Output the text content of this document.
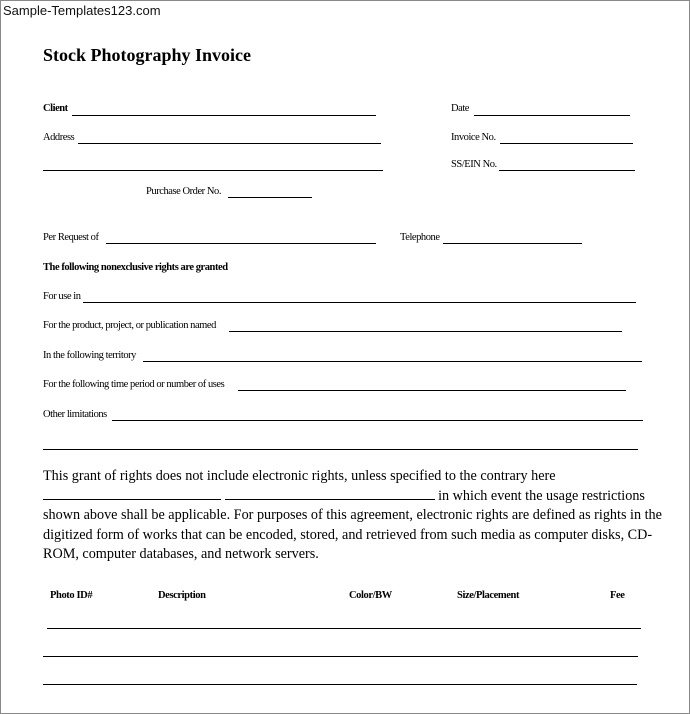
Sample-Templates123.com
Stock Photography Invoice
Client	Date
Address	Invoice No.
SS/EIN No.
Purchase Order No.
Per Request of	Telephone
The following nonexclusive rights are granted
For use in
For the product, project, or publication named
In the following territory
For the following time period or number of uses
Other limitations
This grant of rights does not include electronic rights, unless specified to the contrary here  in which event the usage restrictions shown above shall be applicable. For purposes of this agreement, electronic rights are defined as rights in the digitized form of works that can be encoded, stored, and retrieved from such media as computer disks, CD-ROM, computer databases, and network servers.
Photo ID#	Description	Color/BW	Size/Placement	Fee
